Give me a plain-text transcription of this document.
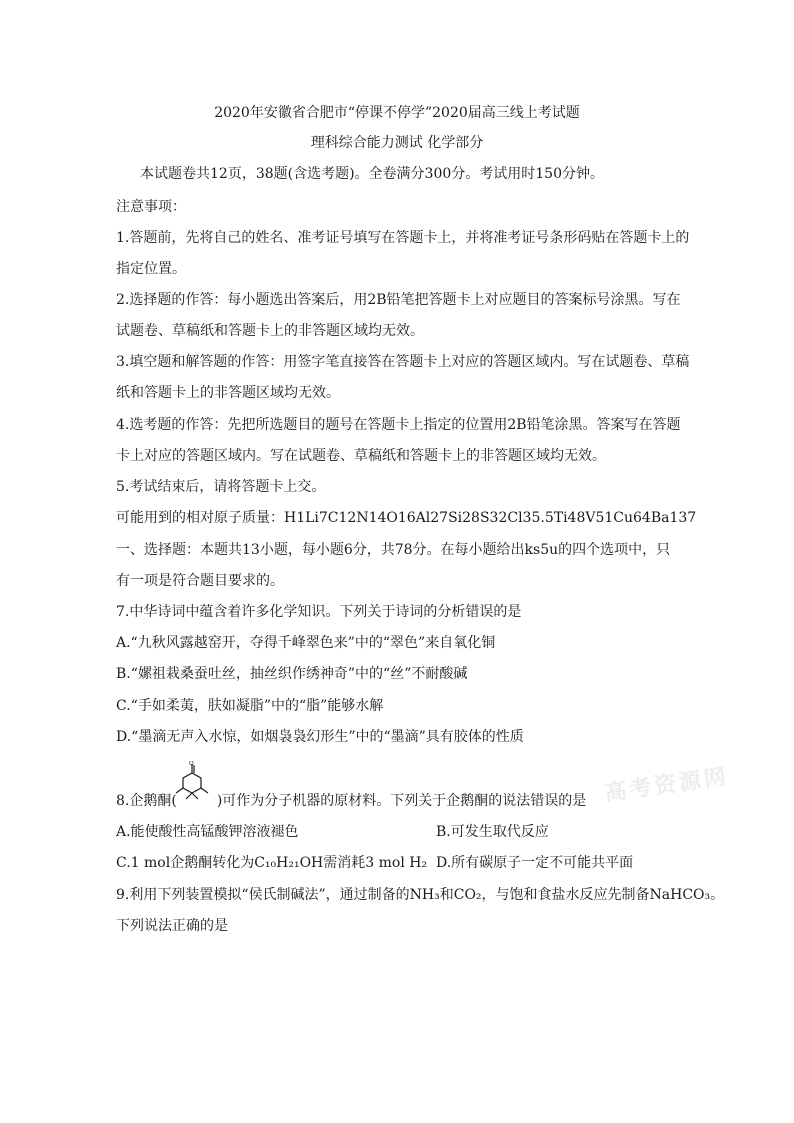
2020年安徽省合肥市“停课不停学”2020届高三线上考试题
理科综合能力测试 化学部分
本试题卷共12页，38题(含选考题)。全卷满分300分。考试用时150分钟。
注意事项：
1.答题前，先将自己的姓名、准考证号填写在答题卡上，并将准考证号条形码贴在答题卡上的
指定位置。
2.选择题的作答：每小题选出答案后，用2B铅笔把答题卡上对应题目的答案标号涂黑。写在
试题卷、草稿纸和答题卡上的非答题区域均无效。
3.填空题和解答题的作答：用签字笔直接答在答题卡上对应的答题区域内。写在试题卷、草稿
纸和答题卡上的非答题区域均无效。
4.选考题的作答：先把所选题目的题号在答题卡上指定的位置用2B铅笔涂黑。答案写在答题
卡上对应的答题区域内。写在试题卷、草稿纸和答题卡上的非答题区域均无效。
5.考试结束后，请将答题卡上交。
可能用到的相对原子质量：H1Li7C12N14O16Al27Si28S32Cl35.5Ti48V51Cu64Ba137
一、选择题：本题共13小题，每小题6分，共78分。在每小题给出ks5u的四个选项中，只
有一项是符合题目要求的。
7.中华诗词中蕴含着许多化学知识。下列关于诗词的分析错误的是
A.“九秋风露越窑开，夺得千峰翠色来”中的“翠色”来自氧化铜
B.“嫘祖栽桑蚕吐丝，抽丝织作绣神奇”中的“丝”不耐酸碱
C.“手如柔荑，肤如凝脂”中的“脂”能够水解
D.“墨滴无声入水惊，如烟袅袅幻形生”中的“墨滴”具有胶体的性质
8.企鹅酮(	)可作为分子机器的原材料。下列关于企鹅酮的说法错误的是
O
A.能使酸性高锰酸钾溶液褪色	B.可发生取代反应
C.1 mol企鹅酮转化为C₁₀H₂₁OH需消耗3 mol H₂ D.所有碳原子一定不可能共平面
9.利用下列装置模拟“侯氏制碱法”，通过制备的NH₃和CO₂，与饱和食盐水反应先制备NaHCO₃。
下列说法正确的是
高考资源网
